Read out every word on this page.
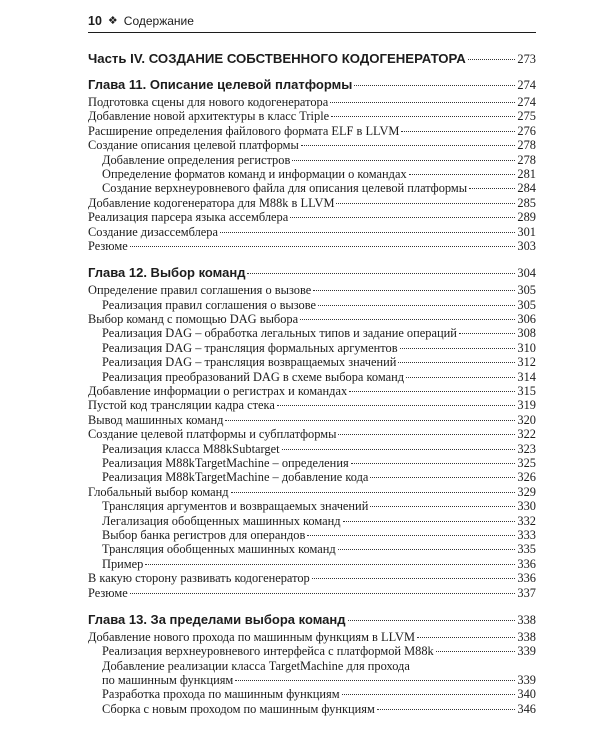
10 ❖ Содержание
Часть IV. СОЗДАНИЕ СОБСТВЕННОГО КОДОГЕНЕРАТОРА	273
Глава 11. Описание целевой платформы	274
Подготовка сцены для нового кодогенератора	274
Добавление новой архитектуры в класс Triple	275
Расширение определения файлового формата ELF в LLVM	276
Создание описания целевой платформы	278
Добавление определения регистров	278
Определение форматов команд и информации о командах	281
Создание верхнеуровневого файла для описания целевой платформы	284
Добавление кодогенератора для M88k в LLVM	285
Реализация парсера языка ассемблера	289
Создание дизассемблера	301
Резюме	303
Глава 12. Выбор команд	304
Определение правил соглашения о вызове	305
Реализация правил соглашения о вызове	305
Выбор команд с помощью DAG выбора	306
Реализация DAG – обработка легальных типов и задание операций	308
Реализация DAG – трансляция формальных аргументов	310
Реализация DAG – трансляция возвращаемых значений	312
Реализация преобразований DAG в схеме выбора команд	314
Добавление информации о регистрах и командах	315
Пустой код трансляции кадра стека	319
Вывод машинных команд	320
Создание целевой платформы и субплатформы	322
Реализация класса M88kSubtarget	323
Реализация M88kTargetMachine – определения	325
Реализация M88kTargetMachine – добавление кода	326
Глобальный выбор команд	329
Трансляция аргументов и возвращаемых значений	330
Легализация обобщенных машинных команд	332
Выбор банка регистров для операндов	333
Трансляция обобщенных машинных команд	335
Пример	336
В какую сторону развивать кодогенератор	336
Резюме	337
Глава 13. За пределами выбора команд	338
Добавление нового прохода по машинным функциям в LLVM	338
Реализация верхнеуровневого интерфейса с платформой M88k	339
Добавление реализации класса TargetMachine для прохода
по машинным функциям	339
Разработка прохода по машинным функциям	340
Сборка с новым проходом по машинным функциям	346
